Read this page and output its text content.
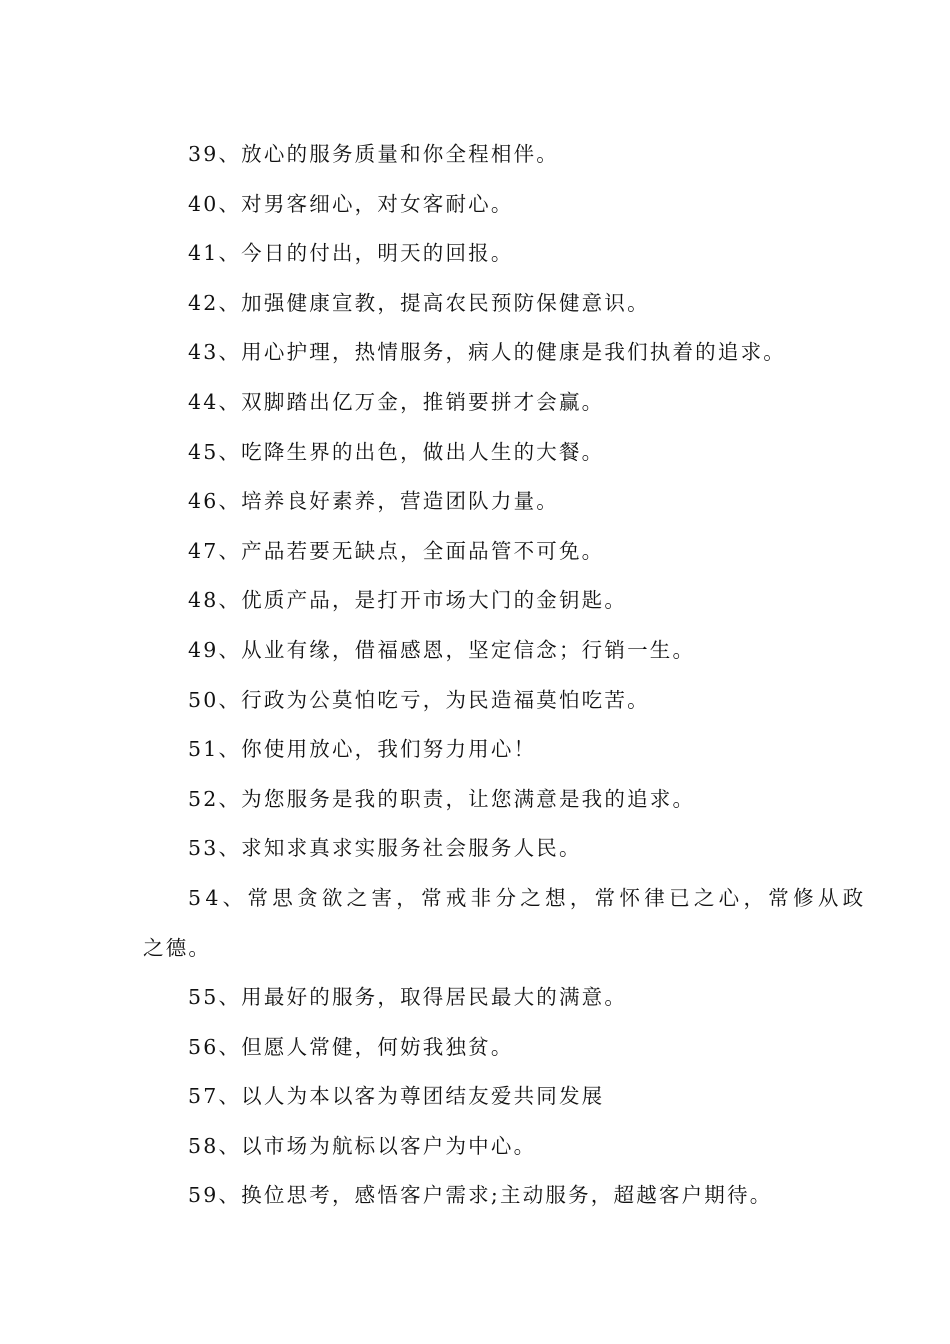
39、放心的服务质量和你全程相伴。
40、对男客细心，对女客耐心。
41、今日的付出，明天的回报。
42、加强健康宣教，提高农民预防保健意识。
43、用心护理，热情服务，病人的健康是我们执着的追求。
44、双脚踏出亿万金，推销要拼才会赢。
45、吃降生界的出色，做出人生的大餐。
46、培养良好素养，营造团队力量。
47、产品若要无缺点，全面品管不可免。
48、优质产品，是打开市场大门的金钥匙。
49、从业有缘，借福感恩，坚定信念；行销一生。
50、行政为公莫怕吃亏，为民造福莫怕吃苦。
51、你使用放心，我们努力用心！
52、为您服务是我的职责，让您满意是我的追求。
53、求知求真求实服务社会服务人民。
54、常思贪欲之害，常戒非分之想，常怀律已之心，常修从政
之德。
55、用最好的服务，取得居民最大的满意。
56、但愿人常健，何妨我独贫。
57、以人为本以客为尊团结友爱共同发展
58、以市场为航标以客户为中心。
59、换位思考，感悟客户需求;主动服务，超越客户期待。
